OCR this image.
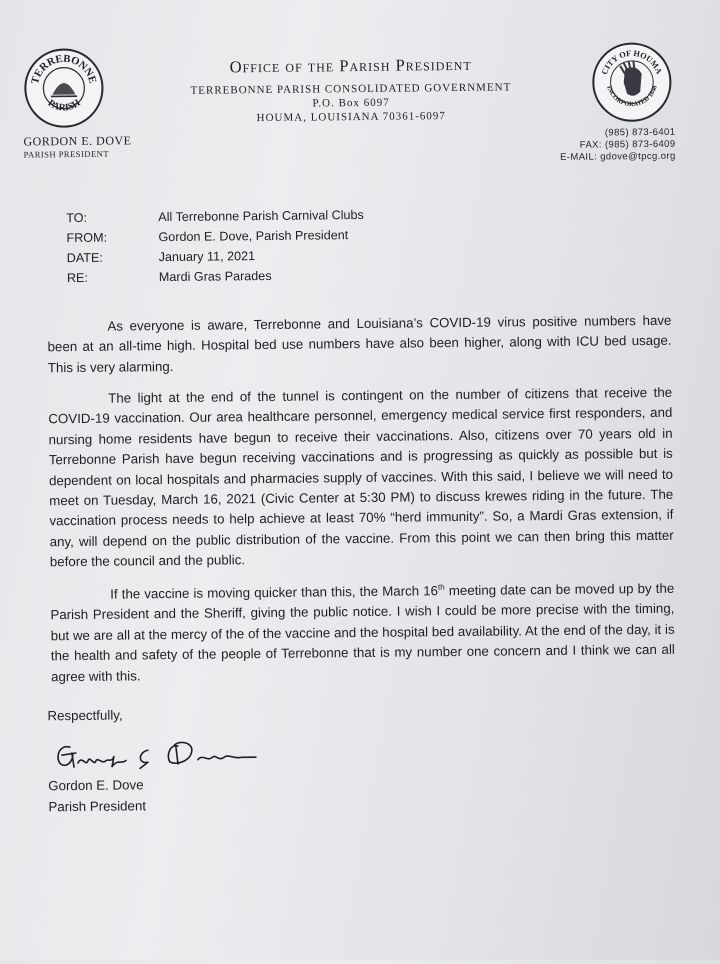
TERREBONNE
PARISH
CITY OF HOUMA
INCORPORATED 1848
Office of the Parish President
TERREBONNE PARISH CONSOLIDATED GOVERNMENT
P.O. Box 6097
HOUMA, LOUISIANA 70361-6097
GORDON E. DOVE
PARISH PRESIDENT
(985) 873-6401
FAX: (985) 873-6409
E-MAIL: gdove@tpcg.org
TO:	All Terrebonne Parish Carnival Clubs
FROM:	Gordon E. Dove, Parish President
DATE:	January 11, 2021
RE:	Mardi Gras Parades
As everyone is aware, Terrebonne and Louisiana’s COVID-19 virus positive numbers have been at an all-time high. Hospital bed use numbers have also been higher, along with ICU bed usage. This is very alarming.
The light at the end of the tunnel is contingent on the number of citizens that receive the COVID-19 vaccination. Our area healthcare personnel, emergency medical service first responders, and nursing home residents have begun to receive their vaccinations. Also, citizens over 70 years old in Terrebonne Parish have begun receiving vaccinations and is progressing as quickly as possible but is dependent on local hospitals and pharmacies supply of vaccines. With this said, I believe we will need to meet on Tuesday, March 16, 2021 (Civic Center at 5:30 PM) to discuss krewes riding in the future. The vaccination process needs to help achieve at least 70% “herd immunity”. So, a Mardi Gras extension, if any, will depend on the public distribution of the vaccine. From this point we can then bring this matter before the council and the public.
If the vaccine is moving quicker than this, the March 16th meeting date can be moved up by the Parish President and the Sheriff, giving the public notice. I wish I could be more precise with the timing, but we are all at the mercy of the of the vaccine and the hospital bed availability. At the end of the day, it is the health and safety of the people of Terrebonne that is my number one concern and I think we can all agree with this.
Respectfully,
Gordon E. Dove
Parish President
